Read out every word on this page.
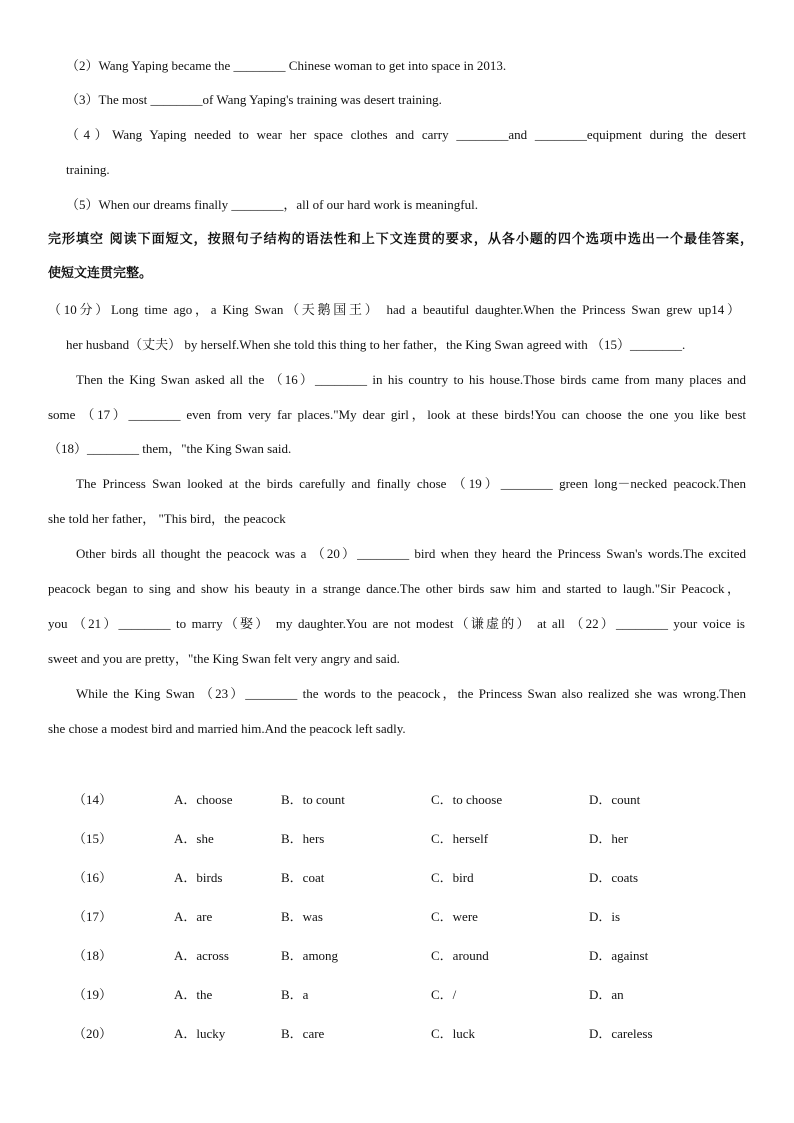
（2）Wang Yaping became the ________ Chinese woman to get into space in 2013.
（3）The most ________of Wang Yaping's training was desert training.
（4）Wang Yaping needed to wear her space clothes and carry ________and ________equipment during the desert
training.
（5）When our dreams finally ________，all of our hard work is meaningful.
完形填空 阅读下面短文，按照句子结构的语法性和上下文连贯的要求，从各小题的四个选项中选出一个最佳答案，
使短文连贯完整。
（10分）Long time ago，a King Swan（天鹅国王） had a beautiful daughter.When the Princess Swan grew up14）
her husband（丈夫） by herself.When she told this thing to her father，the King Swan agreed with （15）________.
Then the King Swan asked all the （16）________ in his country to his house.Those birds came from many places and
some （17）________ even from very far places."My dear girl，look at these birds!You can choose the one you like best
（18）________ them，"the King Swan said.
The Princess Swan looked at the birds carefully and finally chose （19）________ green long－necked peacock.Then
she told her father， "This bird，the peacock
Other birds all thought the peacock was a （20）________ bird when they heard the Princess Swan's words.The excited
peacock began to sing and show his beauty in a strange dance.The other birds saw him and started to laugh."Sir Peacock，
you （21）________ to marry（娶） my daughter.You are not modest（谦虚的） at all （22）________ your voice is
sweet and you are pretty，"the King Swan felt very angry and said.
While the King Swan （23）________ the words to the peacock，the Princess Swan also realized she was wrong.Then
she chose a modest bird and married him.And the peacock left sadly.
（14）	A．choose	B．to count	C．to choose	D．count
（15）	A．she	B．hers	C．herself	D．her
（16）	A．birds	B．coat	C．bird	D．coats
（17）	A．are	B．was	C．were	D．is
（18）	A．across	B．among	C．around	D．against
（19）	A．the	B．a	C．/	D．an
（20）	A．lucky	B．care	C．luck	D．careless
